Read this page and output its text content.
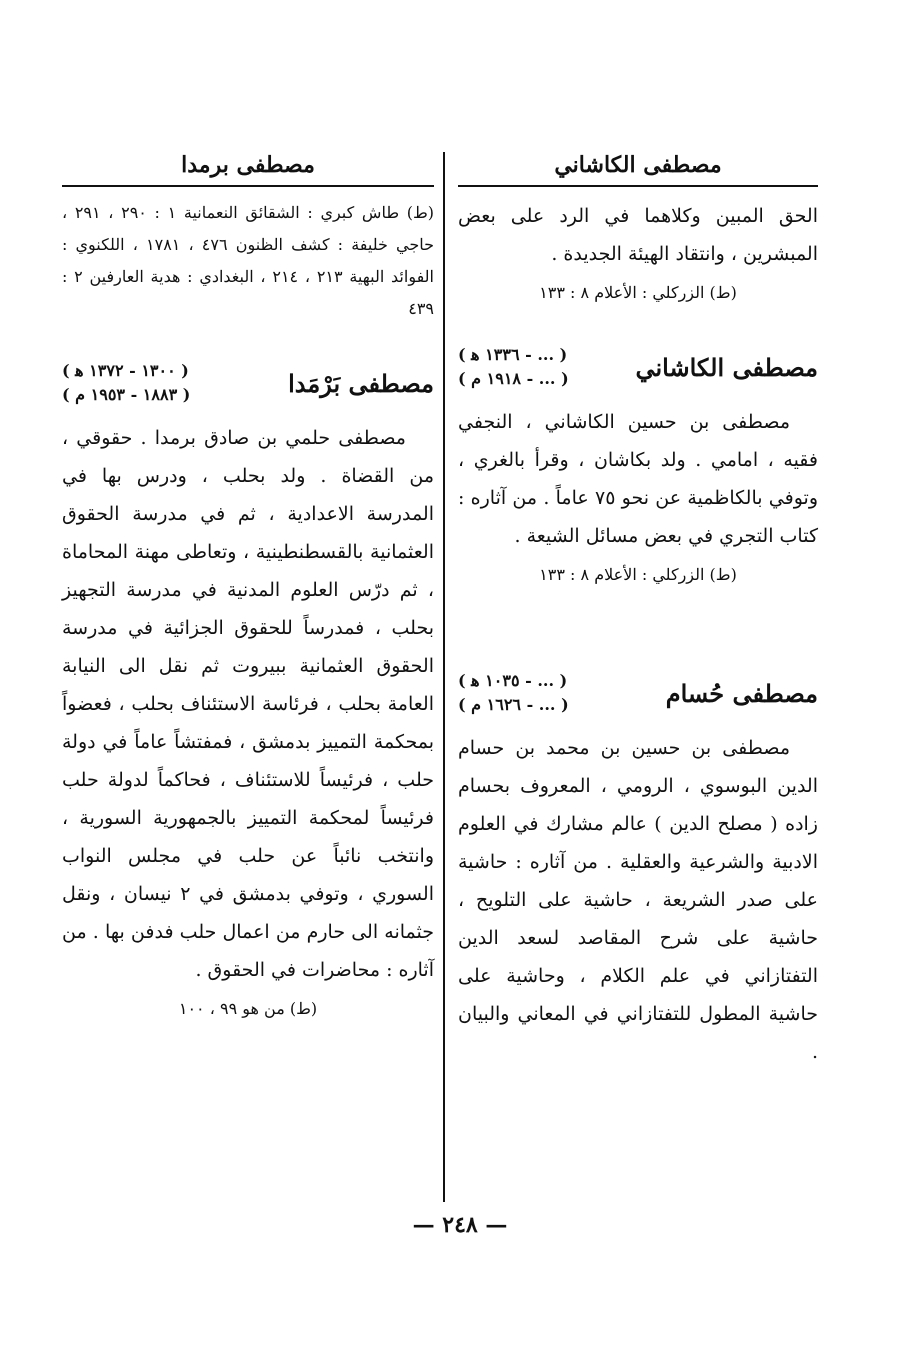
مصطفى الكاشاني

الحق المبين وكلاهما في الرد على بعض المبشرين ، وانتقاد الهيئة الجديدة .

(ط) الزركلي : الأعلام ٨ : ١٣٣

مصطفى الكاشاني
( ... - ١٣٣٦ ﻫ )
( ... - ١٩١٨ م )

مصطفى بن حسين الكاشاني ، النجفي فقيه ، امامي . ولد بكاشان ، وقرأ بالغري ، وتوفي بالكاظمية عن نحو ٧٥ عاماً . من آثاره : كتاب التجري في بعض مسائل الشيعة .

(ط) الزركلي : الأعلام ٨ : ١٣٣

مصطفى حُسام
( ... - ١٠٣٥ ﻫ )
( ... - ١٦٢٦ م )

مصطفى بن حسين بن محمد بن حسام الدين البوسوي ، الرومي ، المعروف بحسام زاده ( مصلح الدين ) عالم مشارك في العلوم الادبية والشرعية والعقلية . من آثاره : حاشية على صدر الشريعة ، حاشية على التلويح ، حاشية على شرح المقاصد لسعد الدين التفتازاني في علم الكلام ، وحاشية على حاشية المطول للتفتازاني في المعاني والبيان .

مصطفى برمدا

(ط) طاش كبري : الشقائق النعمانية ١ : ٢٩٠ ، ٢٩١ ، حاجي خليفة : كشف الظنون ٤٧٦ ، ١٧٨١ ، اللكنوي : الفوائد البهية ٢١٣ ، ٢١٤ ، البغدادي : هدية العارفين ٢ : ٤٣٩

مصطفى بَرْمَدا
( ١٣٠٠ - ١٣٧٢ ﻫ )
( ١٨٨٣ - ١٩٥٣ م )

مصطفى حلمي بن صادق برمدا . حقوقي ، من القضاة . ولد بحلب ، ودرس بها في المدرسة الاعدادية ، ثم في مدرسة الحقوق العثمانية بالقسطنطينية ، وتعاطى مهنة المحاماة ، ثم درّس العلوم المدنية في مدرسة التجهيز بحلب ، فمدرساً للحقوق الجزائية في مدرسة الحقوق العثمانية ببيروت ثم نقل الى النيابة العامة بحلب ، فرئاسة الاستئناف بحلب ، فعضواً بمحكمة التمييز بدمشق ، فمفتشاً عاماً في دولة حلب ، فرئيساً للاستئناف ، فحاكماً لدولة حلب فرئيساً لمحكمة التمييز بالجمهورية السورية ، وانتخب نائباً عن حلب في مجلس النواب السوري ، وتوفي بدمشق في ٢ نيسان ، ونقل جثمانه الى حارم من اعمال حلب فدفن بها . من آثاره : محاضرات في الحقوق .

(ط) من هو ٩٩ ، ١٠٠

— ٢٤٨ —
